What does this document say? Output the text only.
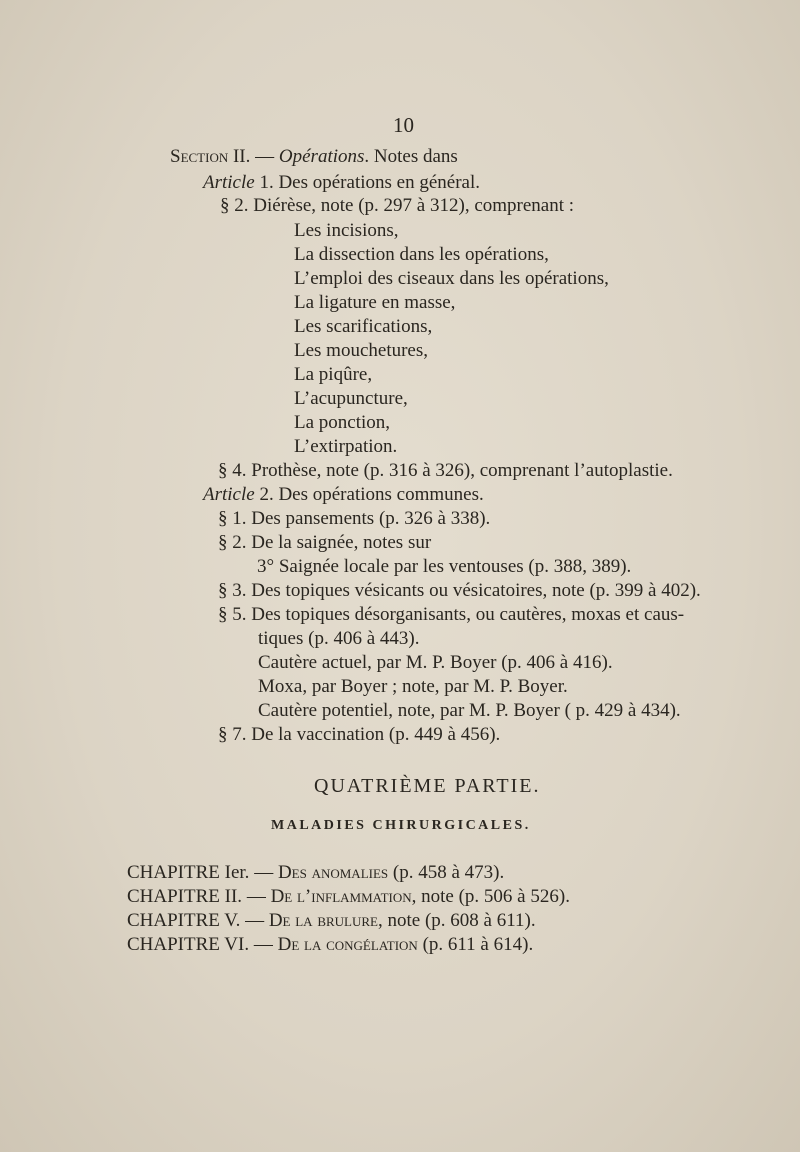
10
Section II. — Opérations. Notes dans
Article 1. Des opérations en général.
§ 2. Diérèse, note (p. 297 à 312), comprenant :
Les incisions,
La dissection dans les opérations,
L’emploi des ciseaux dans les opérations,
La ligature en masse,
Les scarifications,
Les mouchetures,
La piqûre,
L’acupuncture,
La ponction,
L’extirpation.
§ 4. Prothèse, note (p. 316 à 326), comprenant l’autoplastie.
Article 2. Des opérations communes.
§ 1. Des pansements (p. 326 à 338).
§ 2. De la saignée, notes sur
3° Saignée locale par les ventouses (p. 388, 389).
§ 3. Des topiques vésicants ou vésicatoires, note (p. 399 à 402).
§ 5. Des topiques désorganisants, ou cautères, moxas et caus-
tiques (p. 406 à 443).
Cautère actuel, par M. P. Boyer (p. 406 à 416).
Moxa, par Boyer ; note, par M. P. Boyer.
Cautère potentiel, note, par M. P. Boyer ( p. 429 à 434).
§ 7. De la vaccination (p. 449 à 456).
QUATRIÈME PARTIE.
MALADIES CHIRURGICALES.
CHAPITRE Ier. — Des anomalies (p. 458 à 473).
CHAPITRE II. — De l’inflammation, note (p. 506 à 526).
CHAPITRE V. — De la brulure, note (p. 608 à 611).
CHAPITRE VI. — De la congélation (p. 611 à 614).
